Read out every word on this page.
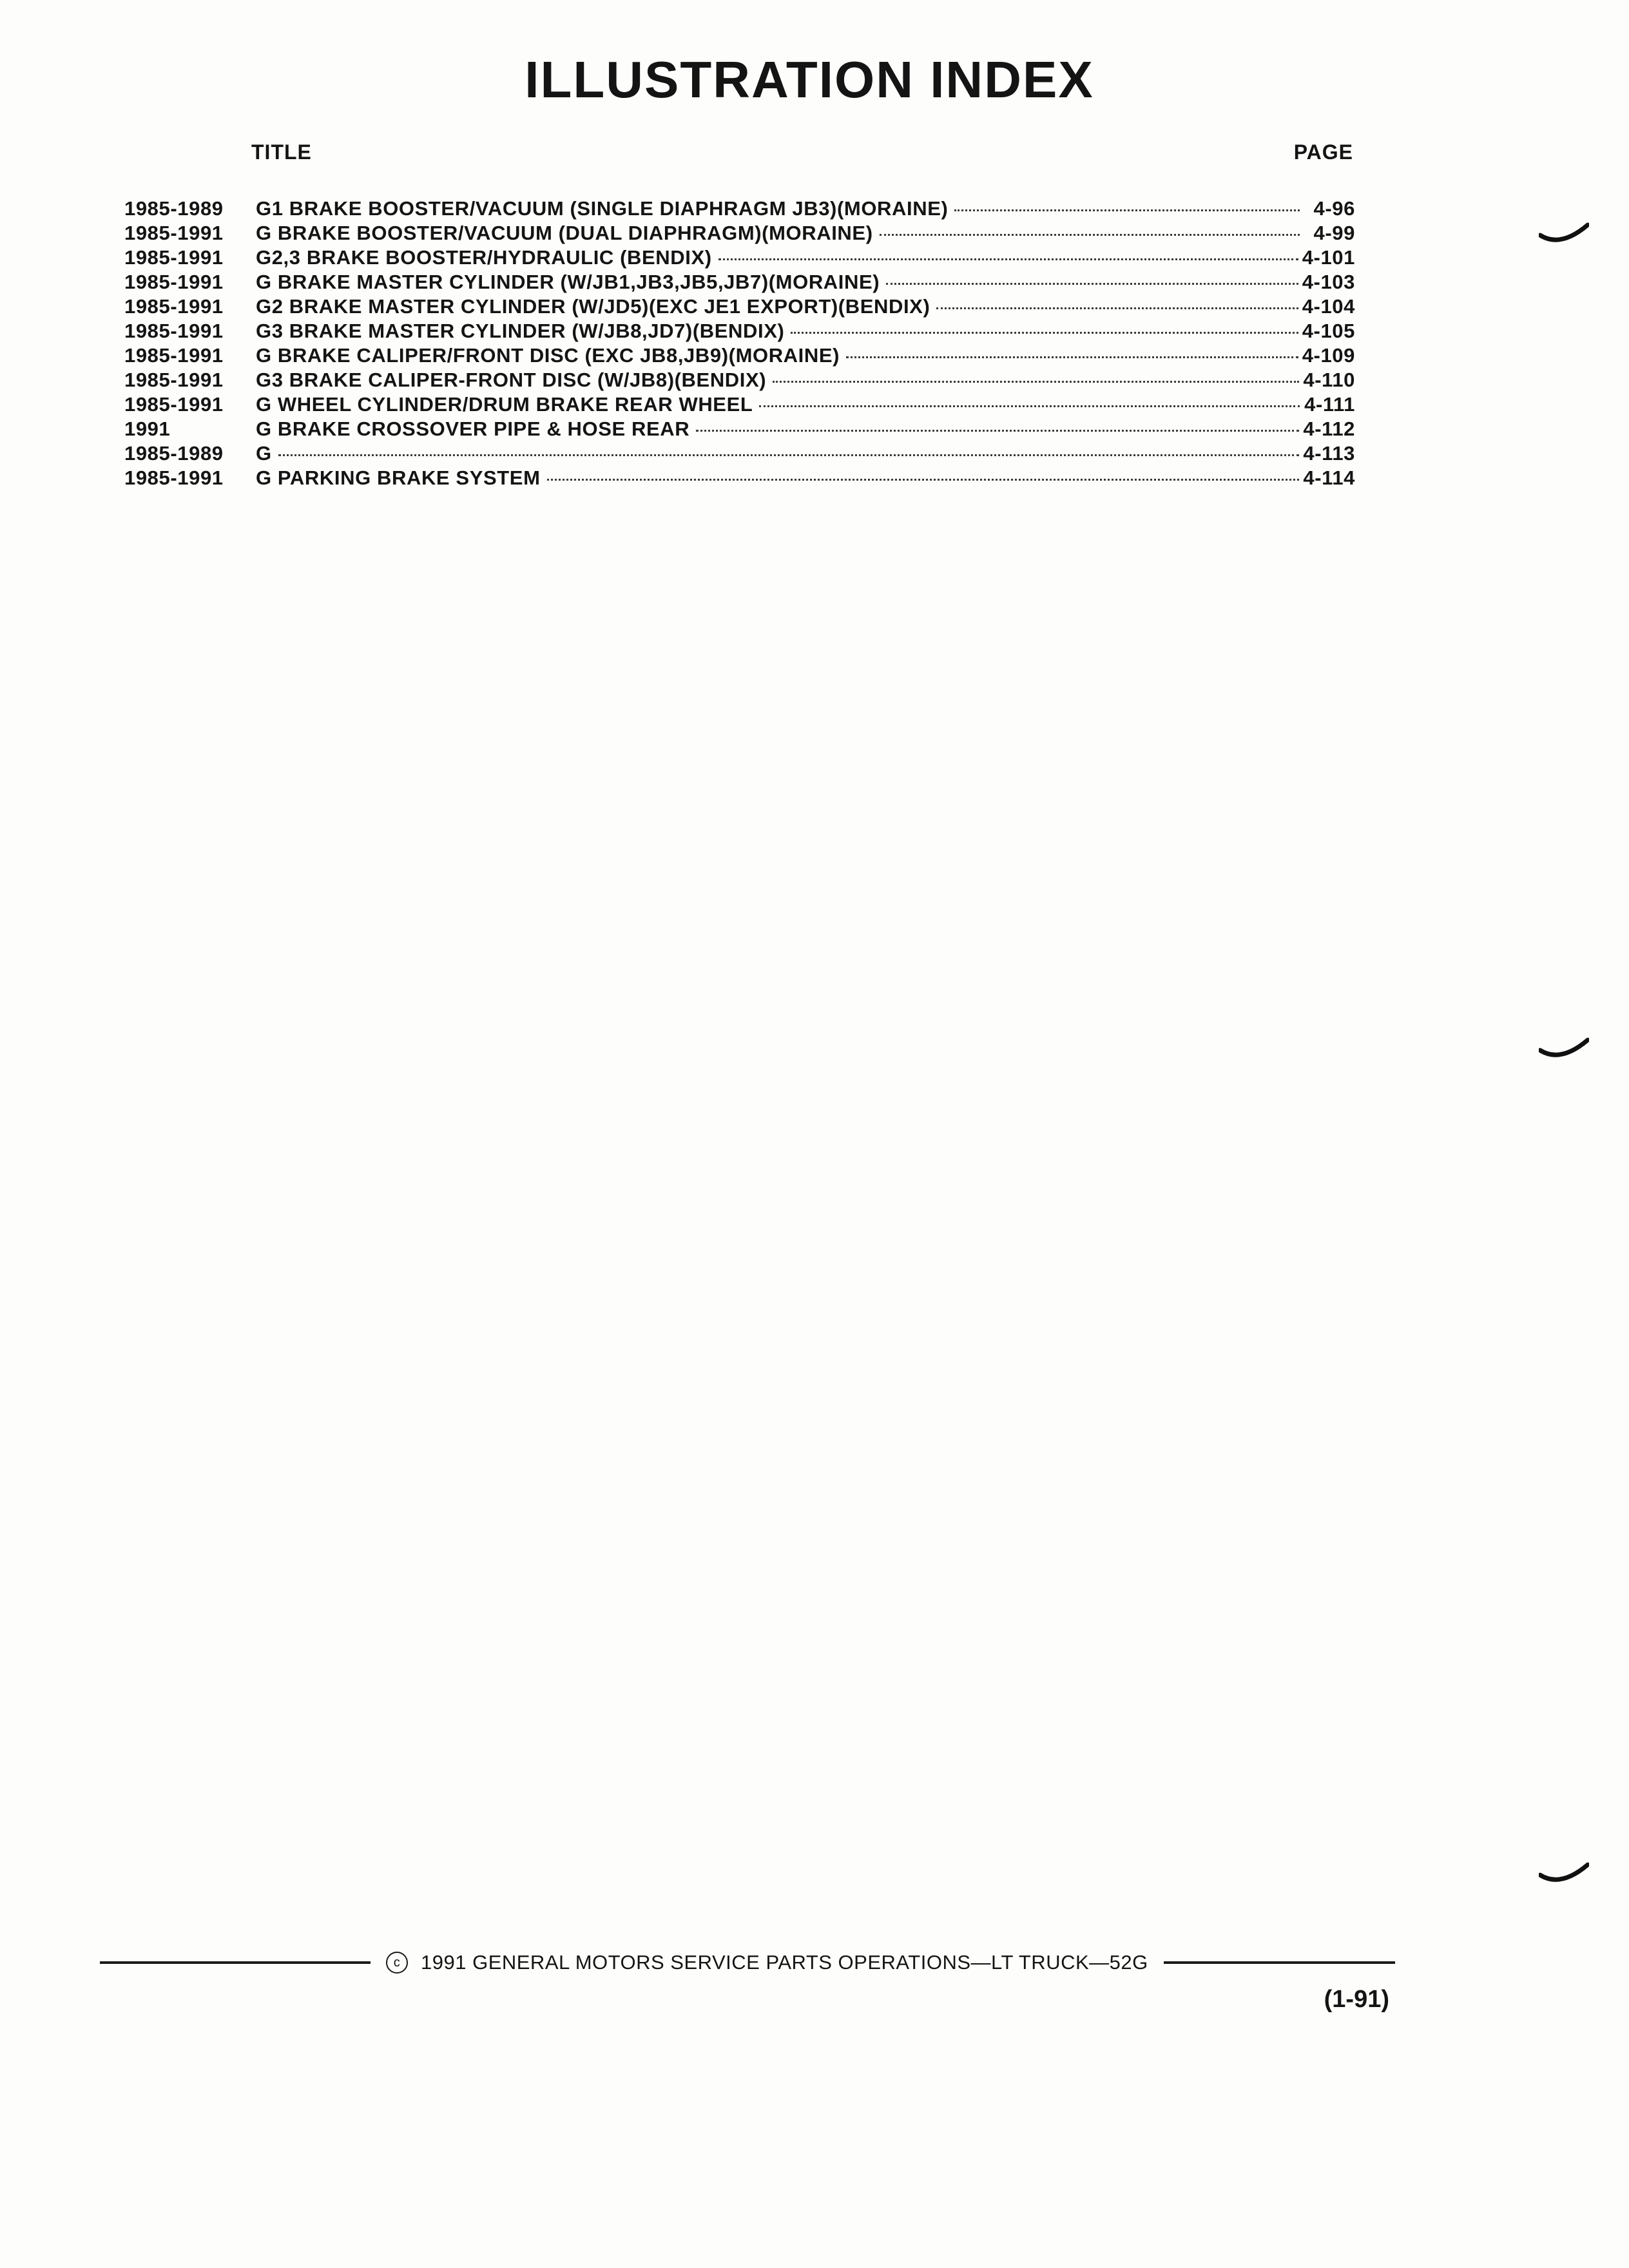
ILLUSTRATION INDEX
TITLE	PAGE
1985-1989	G1 BRAKE BOOSTER/VACUUM (SINGLE DIAPHRAGM JB3)(MORAINE)	4-96
1985-1991	G BRAKE BOOSTER/VACUUM (DUAL DIAPHRAGM)(MORAINE)	4-99
1985-1991	G2,3 BRAKE BOOSTER/HYDRAULIC (BENDIX)	4-101
1985-1991	G BRAKE MASTER CYLINDER (W/JB1,JB3,JB5,JB7)(MORAINE)	4-103
1985-1991	G2 BRAKE MASTER CYLINDER (W/JD5)(EXC JE1 EXPORT)(BENDIX)	4-104
1985-1991	G3 BRAKE MASTER CYLINDER (W/JB8,JD7)(BENDIX)	4-105
1985-1991	G BRAKE CALIPER/FRONT DISC (EXC JB8,JB9)(MORAINE)	4-109
1985-1991	G3 BRAKE CALIPER-FRONT DISC (W/JB8)(BENDIX)	4-110
1985-1991	G WHEEL CYLINDER/DRUM BRAKE REAR WHEEL	4-111
1991	G BRAKE CROSSOVER PIPE & HOSE REAR	4-112
1985-1989	G	4-113
1985-1991	G PARKING BRAKE SYSTEM	4-114
c	1991 GENERAL MOTORS SERVICE PARTS OPERATIONS—LT TRUCK—52G
(1-91)
